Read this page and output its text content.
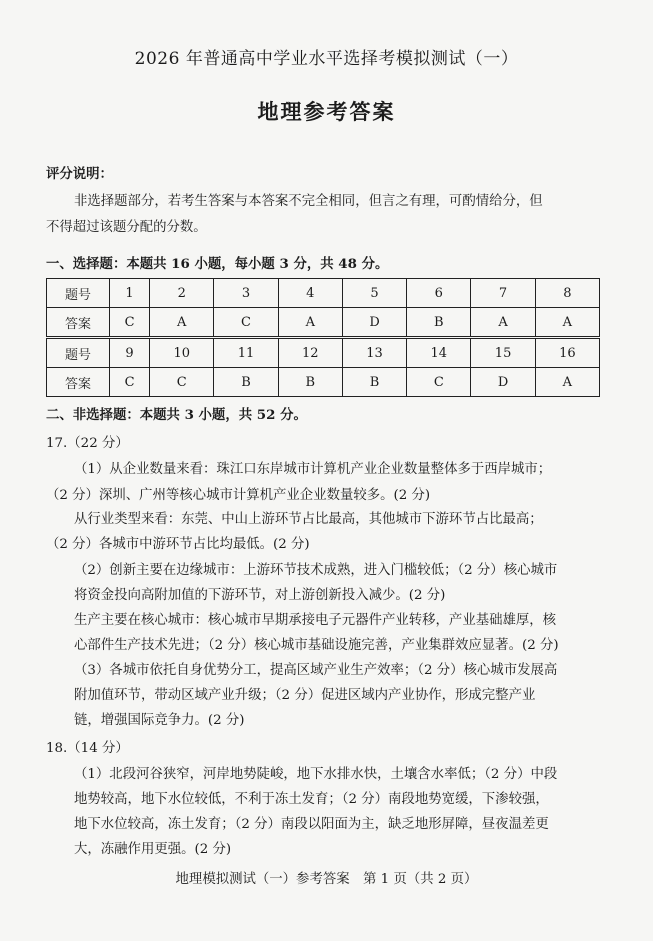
2026 年普通高中学业水平选择考模拟测试（一）
地理参考答案
评分说明：
非选择题部分，若考生答案与本答案不完全相同，但言之有理，可酌情给分，但
不得超过该题分配的分数。
一、选择题：本题共 16 小题，每小题 3 分，共 48 分。
题号	1	2	3	4	5	6	7	8
答案	C	A	C	A	D	B	A	A
题号	9	10	11	12	13	14	15	16
答案	C	C	B	B	B	C	D	A
二、非选择题：本题共 3 小题，共 52 分。
17.（22 分）
（1）从企业数量来看：珠江口东岸城市计算机产业企业数量整体多于西岸城市；
（2 分）深圳、广州等核心城市计算机产业企业数量较多。(2 分)
从行业类型来看：东莞、中山上游环节占比最高，其他城市下游环节占比最高；
（2 分）各城市中游环节占比均最低。(2 分)
（2）创新主要在边缘城市：上游环节技术成熟，进入门槛较低；（2 分）核心城市
将资金投向高附加值的下游环节，对上游创新投入减少。(2 分)
生产主要在核心城市：核心城市早期承接电子元器件产业转移，产业基础雄厚，核
心部件生产技术先进；（2 分）核心城市基础设施完善，产业集群效应显著。(2 分)
（3）各城市依托自身优势分工，提高区域产业生产效率；（2 分）核心城市发展高
附加值环节，带动区域产业升级；（2 分）促进区域内产业协作，形成完整产业
链，增强国际竞争力。(2 分)
18.（14 分）
（1）北段河谷狭窄，河岸地势陡峻，地下水排水快，土壤含水率低；（2 分）中段
地势较高，地下水位较低，不利于冻土发育；（2 分）南段地势宽缓，下渗较强，
地下水位较高，冻土发育；（2 分）南段以阳面为主，缺乏地形屏障，昼夜温差更
大，冻融作用更强。(2 分)
地理模拟测试（一）参考答案　第 1 页（共 2 页）
